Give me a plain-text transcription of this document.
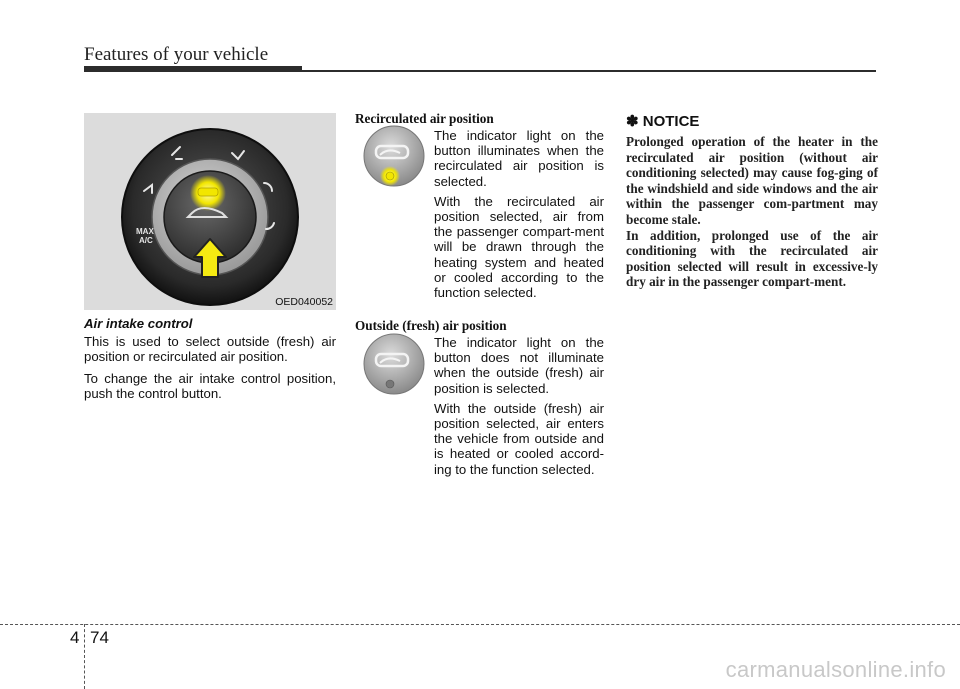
Features of your vehicle
MAX
A/C
OED040052
Air intake control

This is used to select outside (fresh) air position or recirculated air position.

To change the air intake control position, push the control button.

Recirculated air position

The indicator light on the button illuminates when the recirculated air position is selected.

With the recirculated air position selected, air from the passenger compart-ment will be drawn through the heating system and heated or cooled according to the function selected.

Outside (fresh) air position

The indicator light on the button does not illuminate when the outside (fresh) air position is selected.

With the outside (fresh) air position selected, air enters the vehicle from outside and is heated or cooled accord-ing to the function selected.

✽ NOTICE

Prolonged operation of the heater in the recirculated air position (without air conditioning selected) may cause fog-ging of the windshield and side windows and the air within the passenger com-partment may become stale.

In addition, prolonged use of the air conditioning with the recirculated air position selected will result in excessive-ly dry air in the passenger compart-ment.

4 74
carmanualsonline.info
